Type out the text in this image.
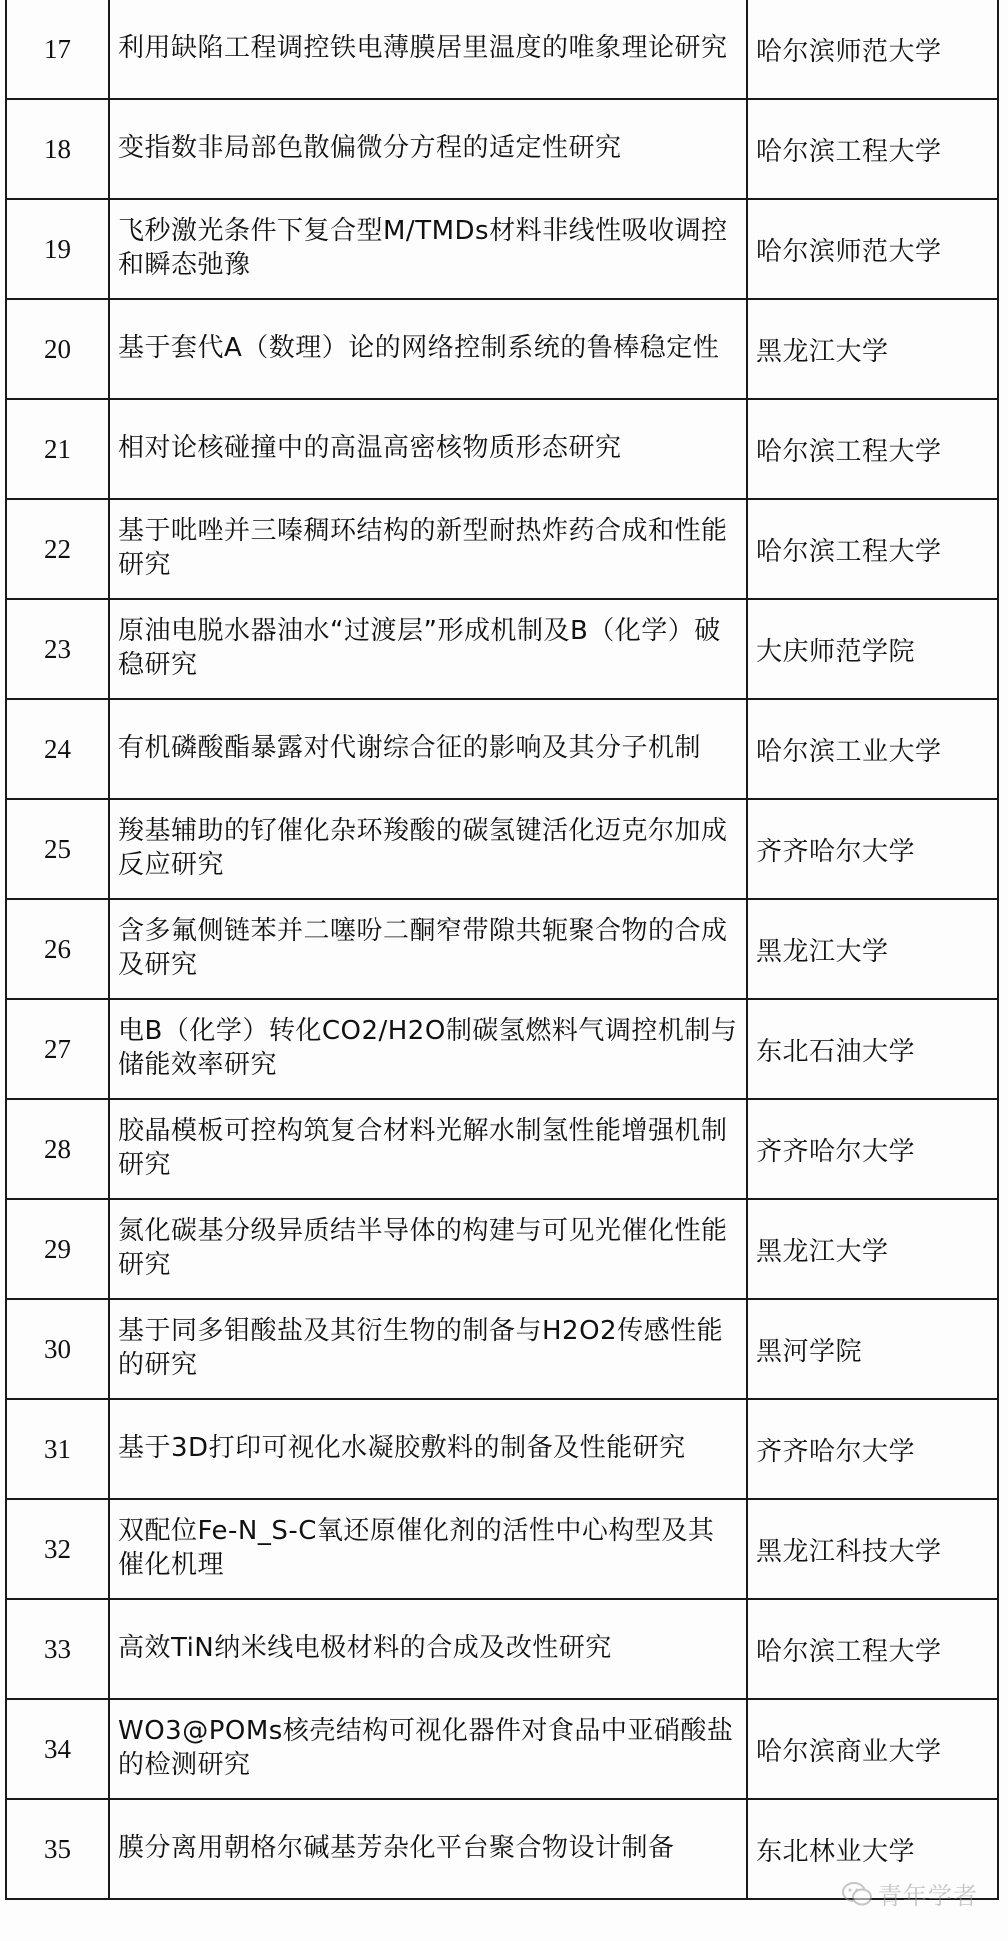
17	利用缺陷工程调控铁电薄膜居里温度的唯象理论研究	哈尔滨师范大学
18	变指数非局部色散偏微分方程的适定性研究	哈尔滨工程大学
19	飞秒激光条件下复合型M/TMDs材料非线性吸收调控和瞬态弛豫	哈尔滨师范大学
20	基于套代A（数理）论的网络控制系统的鲁棒稳定性	黑龙江大学
21	相对论核碰撞中的高温高密核物质形态研究	哈尔滨工程大学
22	基于吡唑并三嗪稠环结构的新型耐热炸药合成和性能研究	哈尔滨工程大学
23	原油电脱水器油水“过渡层”形成机制及B（化学）破稳研究	大庆师范学院
24	有机磷酸酯暴露对代谢综合征的影响及其分子机制	哈尔滨工业大学
25	羧基辅助的钌催化杂环羧酸的碳氢键活化迈克尔加成反应研究	齐齐哈尔大学
26	含多氟侧链苯并二噻吩二酮窄带隙共轭聚合物的合成及研究	黑龙江大学
27	电B（化学）转化CO2/H2O制碳氢燃料气调控机制与储能效率研究	东北石油大学
28	胶晶模板可控构筑复合材料光解水制氢性能增强机制研究	齐齐哈尔大学
29	氮化碳基分级异质结半导体的构建与可见光催化性能研究	黑龙江大学
30	基于同多钼酸盐及其衍生物的制备与H2O2传感性能的研究	黑河学院
31	基于3D打印可视化水凝胶敷料的制备及性能研究	齐齐哈尔大学
32	双配位Fe-N_S-C氧还原催化剂的活性中心构型及其催化机理	黑龙江科技大学
33	高效TiN纳米线电极材料的合成及改性研究	哈尔滨工程大学
34	WO3@POMs核壳结构可视化器件对食品中亚硝酸盐的检测研究	哈尔滨商业大学
35	膜分离用朝格尔碱基芳杂化平台聚合物设计制备	东北林业大学
青年学者
